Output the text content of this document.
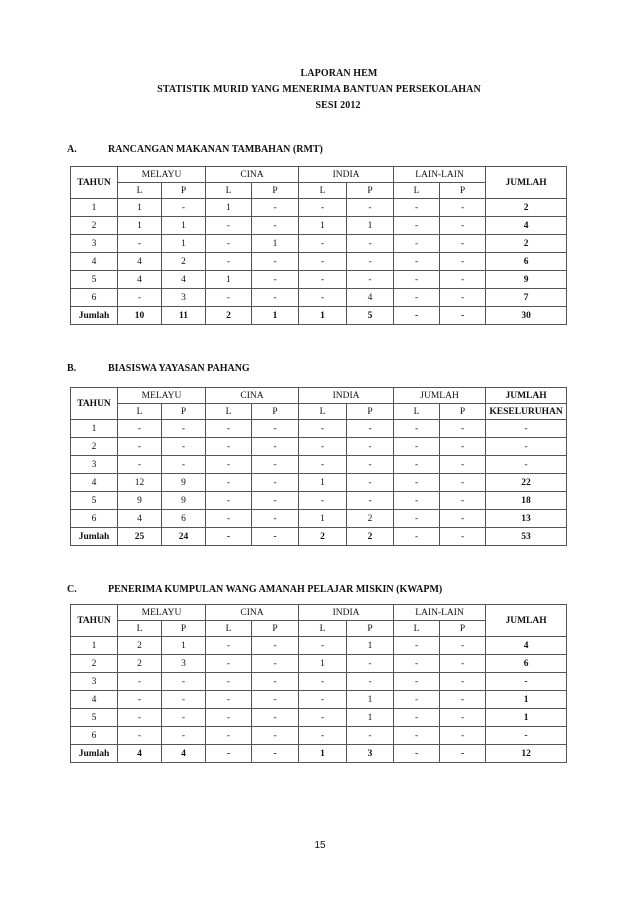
LAPORAN HEM
STATISTIK MURID YANG MENERIMA BANTUAN PERSEKOLAHAN
SESI 2012
A.	RANCANGAN MAKANAN TAMBAHAN (RMT)
TAHUN	MELAYU		CINA		INDIA		LAIN-LAIN		JUMLAH
	L	P	L	P	L	P	L	P	
1	1	-	1	-	-	-	-	-	2
2	1	1	-	-	1	1	-	-	4
3	-	1	-	1	-	-	-	-	2
4	4	2	-	-	-	-	-	-	6
5	4	4	1	-	-	-	-	-	9
6	-	3	-	-	-	4	-	-	7
Jumlah	10	11	2	1	1	5	-	-	30
B.	BIASISWA YAYASAN PAHANG
TAHUN	MELAYU		CINA		INDIA		JUMLAH		JUMLAH

	L	P	L	P	L	P	L	P	KESELURUHAN
1	-	-	-	-	-	-	-	-	-
2	-	-	-	-	-	-	-	-	-
3	-	-	-	-	-	-	-	-	-
4	12	9	-	-	1	-	-	-	22
5	9	9	-	-	-	-	-	-	18
6	4	6	-	-	1	2	-	-	13
Jumlah	25	24	-	-	2	2	-	-	53
C.	PENERIMA KUMPULAN WANG AMANAH PELAJAR MISKIN (KWAPM)
TAHUN	MELAYU		CINA		INDIA		LAIN-LAIN		JUMLAH
	L	P	L	P	L	P	L	P	
1	2	1	-	-	-	1	-	-	4
2	2	3	-	-	1	-	-	-	6
3	-	-	-	-	-	-	-	-	-
4	-	-	-	-	-	1	-	-	1
5	-	-	-	-	-	1	-	-	1
6	-	-	-	-	-	-	-	-	-
Jumlah	4	4	-	-	1	3	-	-	12
15
